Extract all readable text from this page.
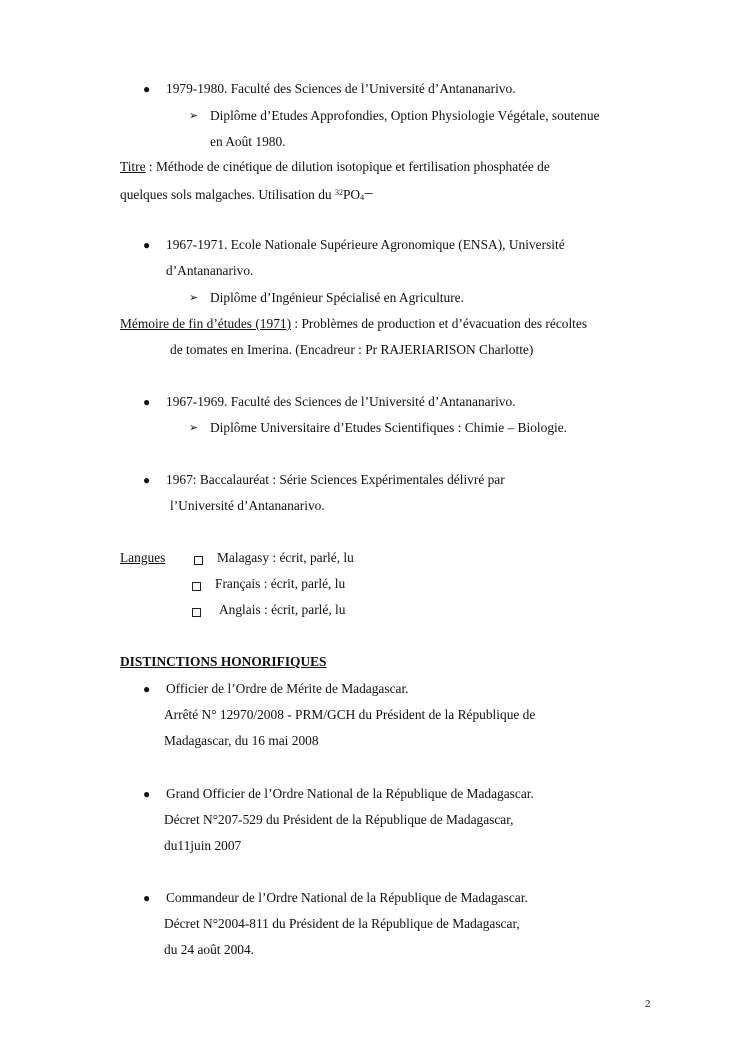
● 1979-1980. Faculté des Sciences de l’Université d’Antananarivo.
➢ Diplôme d’Etudes Approfondies, Option Physiologie Végétale, soutenue
en Août 1980.
Titre : Méthode de cinétique de dilution isotopique et fertilisation phosphatée de
quelques sols malgaches. Utilisation du $^{32}PO_4^{---}$
● 1967-1971. Ecole Nationale Supérieure Agronomique (ENSA), Université
d’Antananarivo.
➢ Diplôme d’Ingénieur Spécialisé en Agriculture.
Mémoire de fin d’études (1971) : Problèmes de production et d’évacuation des récoltes
de tomates en Imerina. (Encadreur : Pr RAJERIARISON Charlotte)
● 1967-1969. Faculté des Sciences de l’Université d’Antananarivo.
➢ Diplôme Universitaire d’Etudes Scientifiques : Chimie – Biologie.
● 1967: Baccalauréat : Série Sciences Expérimentales délivré par
l’Université d’Antananarivo.
Langues	Malagasy : écrit, parlé, lu
Français : écrit, parlé, lu
Anglais : écrit, parlé, lu
DISTINCTIONS HONORIFIQUES
● Officier de l’Ordre de Mérite de Madagascar.
Arrêté N° 12970/2008 - PRM/GCH du Président de la République de
Madagascar, du 16 mai 2008
● Grand Officier de l’Ordre National de la République de Madagascar.
Décret N°207-529 du Président de la République de Madagascar,
du11juin 2007
● Commandeur de l’Ordre National de la République de Madagascar.
Décret N°2004-811 du Président de la République de Madagascar,
du 24 août 2004.
2
